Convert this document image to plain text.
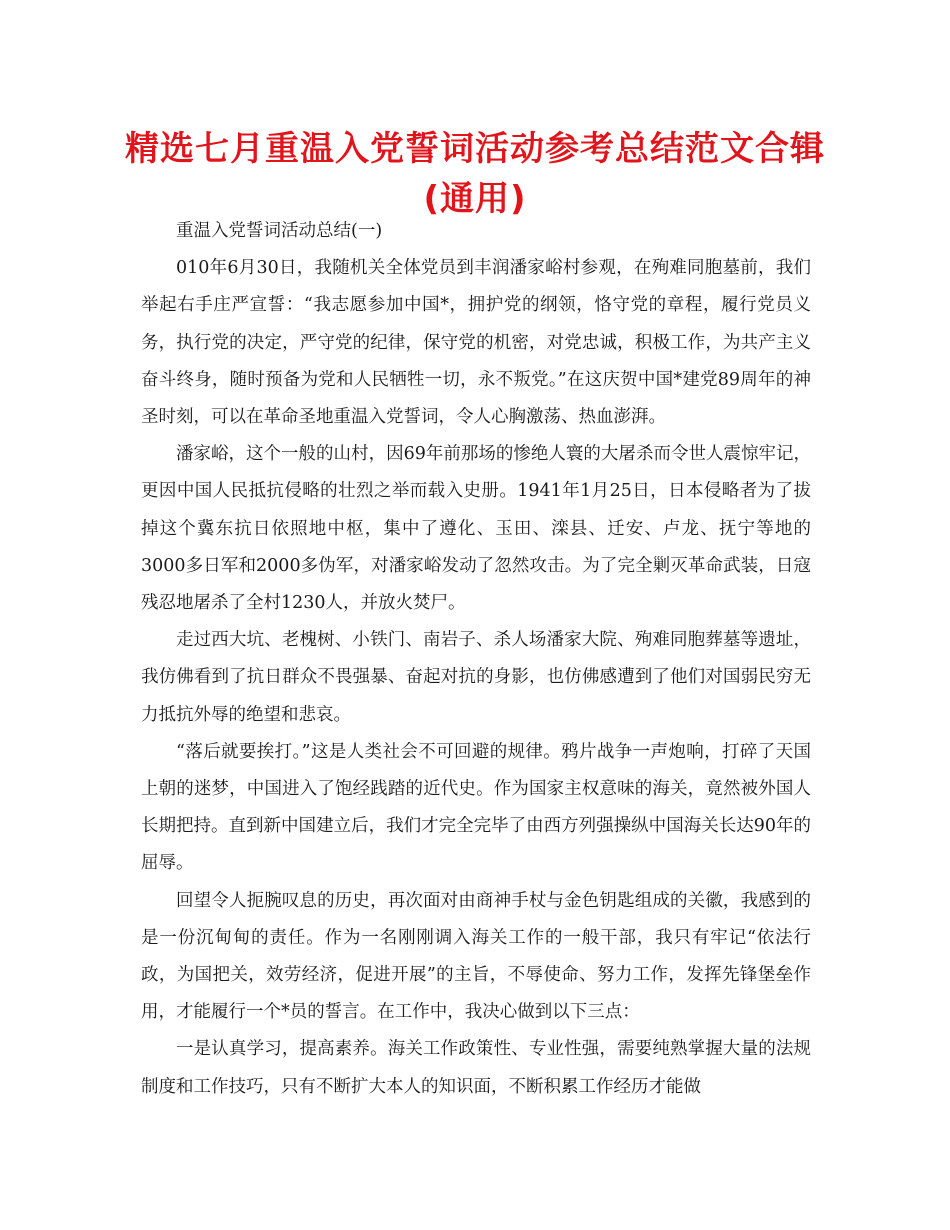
精选七月重温入党誓词活动参考总结范文合辑
(通用)

重温入党誓词活动总结(一)

010年6月30日，我随机关全体党员到丰润潘家峪村参观，在殉难同胞墓前，我们举起右手庄严宣誓：“我志愿参加中国*，拥护党的纲领，恪守党的章程，履行党员义务，执行党的决定，严守党的纪律，保守党的机密，对党忠诚，积极工作，为共产主义奋斗终身，随时预备为党和人民牺牲一切，永不叛党。”在这庆贺中国*建党89周年的神圣时刻，可以在革命圣地重温入党誓词，令人心胸激荡、热血澎湃。

潘家峪，这个一般的山村，因69年前那场的惨绝人寰的大屠杀而令世人震惊牢记，更因中国人民抵抗侵略的壮烈之举而载入史册。1941年1月25日，日本侵略者为了拔掉这个冀东抗日依照地中枢，集中了遵化、玉田、滦县、迁安、卢龙、抚宁等地的3000多日军和2000多伪军，对潘家峪发动了忽然攻击。为了完全剿灭革命武装，日寇残忍地屠杀了全村1230人，并放火焚尸。

走过西大坑、老槐树、小铁门、南岩子、杀人场潘家大院、殉难同胞葬墓等遗址，我仿佛看到了抗日群众不畏强暴、奋起对抗的身影，也仿佛感遭到了他们对国弱民穷无力抵抗外辱的绝望和悲哀。

“落后就要挨打。”这是人类社会不可回避的规律。鸦片战争一声炮响，打碎了天国上朝的迷梦，中国进入了饱经践踏的近代史。作为国家主权意味的海关，竟然被外国人长期把持。直到新中国建立后，我们才完全完毕了由西方列强操纵中国海关长达90年的屈辱。

回望令人扼腕叹息的历史，再次面对由商神手杖与金色钥匙组成的关徽，我感到的是一份沉甸甸的责任。作为一名刚刚调入海关工作的一般干部，我只有牢记“依法行政，为国把关，效劳经济，促进开展”的主旨，不辱使命、努力工作，发挥先锋堡垒作用，才能履行一个*员的誓言。在工作中，我决心做到以下三点：

一是认真学习，提高素养。海关工作政策性、专业性强，需要纯熟掌握大量的法规制度和工作技巧，只有不断扩大本人的知识面，不断积累工作经历才能做
